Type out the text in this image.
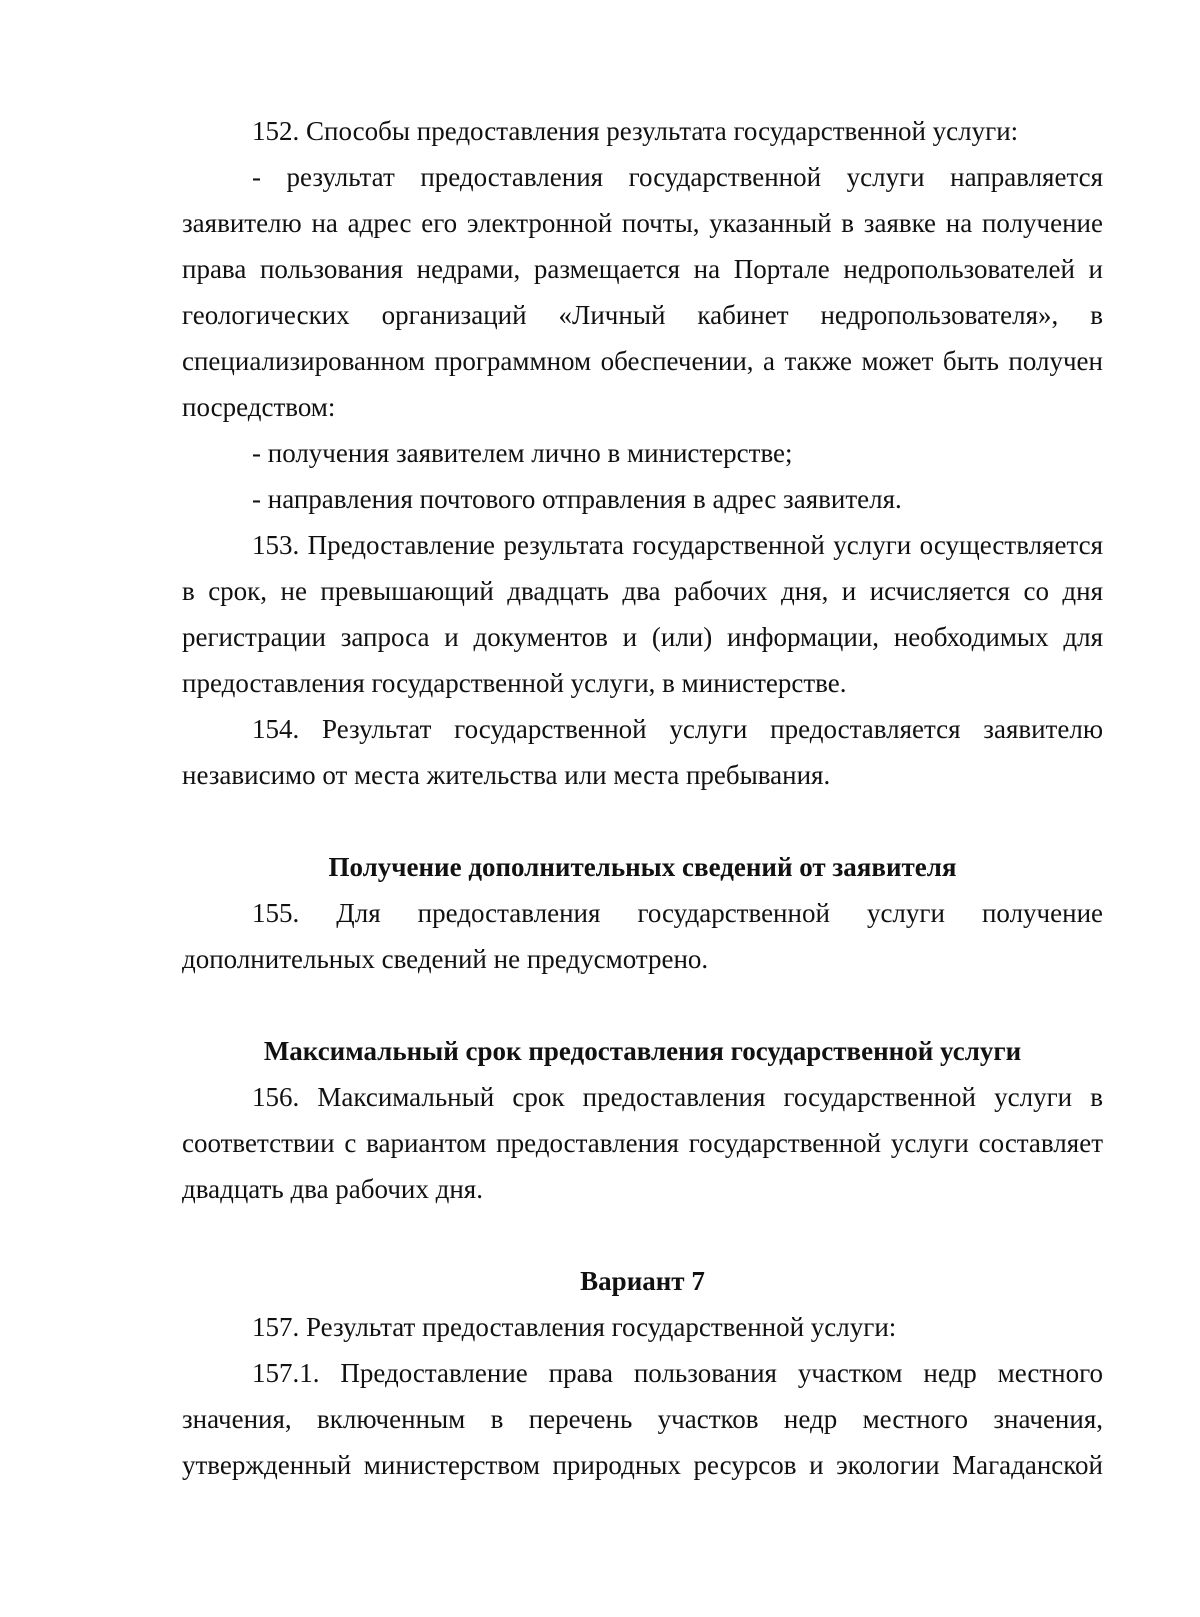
152. Способы предоставления результата государственной услуги:

- результат предоставления государственной услуги направляется заявителю на адрес его электронной почты, указанный в заявке на получение права пользования недрами, размещается на Портале недропользователей и геологических организаций «Личный кабинет недропользователя», в специализированном программном обеспечении, а также может быть получен посредством:

- получения заявителем лично в министерстве;

- направления почтового отправления в адрес заявителя.

153. Предоставление результата государственной услуги осуществляется в срок, не превышающий двадцать два рабочих дня, и исчисляется со дня регистрации запроса и документов и (или) информации, необходимых для предоставления государственной услуги, в министерстве.

154. Результат государственной услуги предоставляется заявителю независимо от места жительства или места пребывания.

Получение дополнительных сведений от заявителя

155. Для предоставления государственной услуги получение дополнительных сведений не предусмотрено.

Максимальный срок предоставления государственной услуги

156. Максимальный срок предоставления государственной услуги в соответствии с вариантом предоставления государственной услуги составляет двадцать два рабочих дня.

Вариант 7

157. Результат предоставления государственной услуги:

157.1. Предоставление права пользования участком недр местного значения, включенным в перечень участков недр местного значения, утвержденный министерством природных ресурсов и экологии Магаданской
